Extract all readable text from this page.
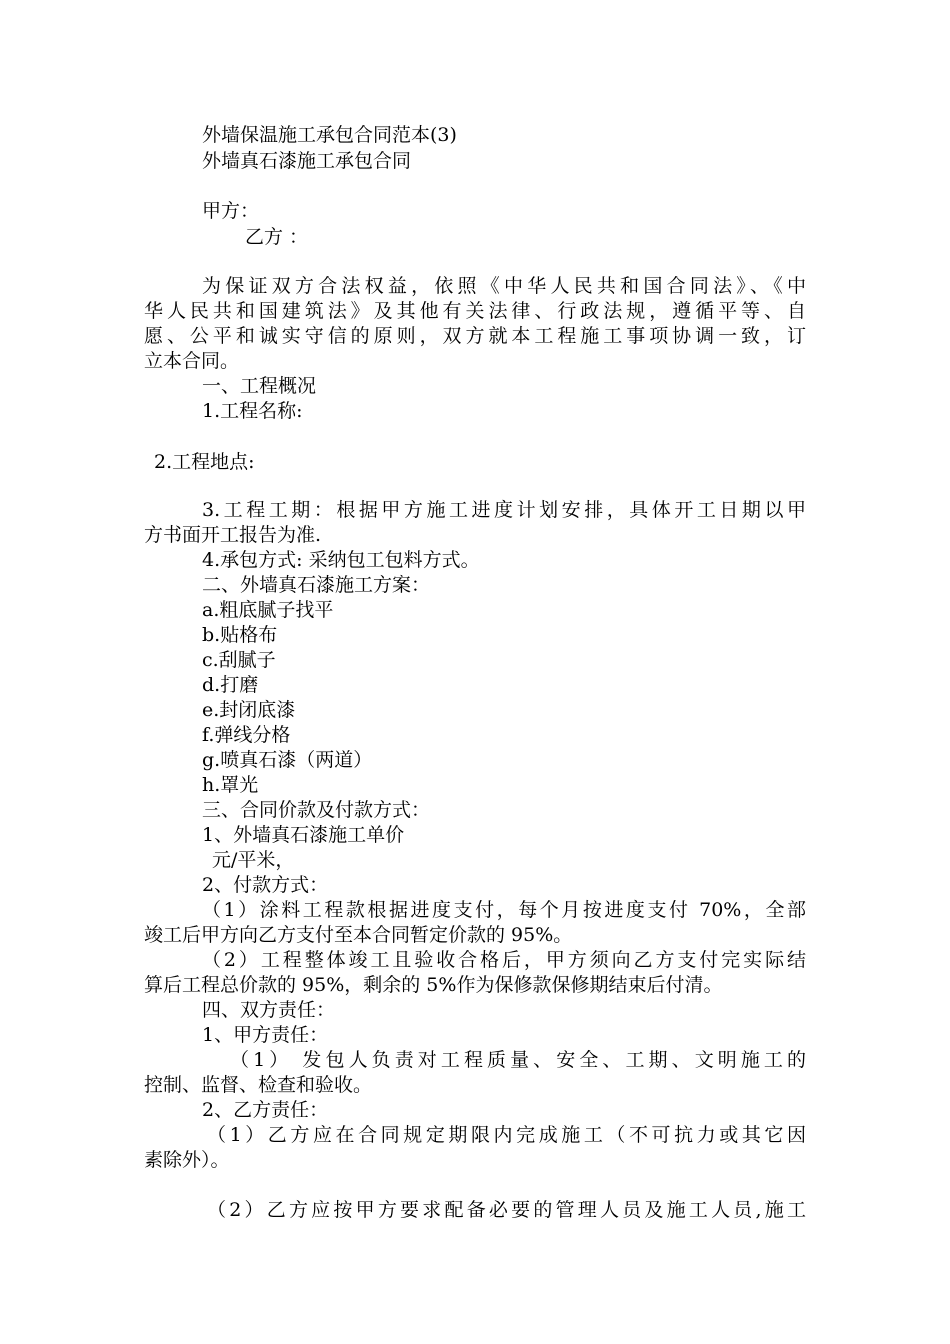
外墙保温施工承包合同范本(3)

外墙真石漆施工承包合同

甲方：

乙方 ：

为保证双方合法权益，依照《中华人民共和国合同法》、《中

华人民共和国建筑法》及其他有关法律、行政法规，遵循平等、自

愿、公平和诚实守信的原则，双方就本工程施工事项协调一致，订

立本合同。

一、工程概况

1.工程名称:

2.工程地点:

3.工程工期：根据甲方施工进度计划安排，具体开工日期以甲

方书面开工报告为准.

4.承包方式: 采纳包工包料方式。

二、外墙真石漆施工方案：

a.粗底腻子找平

b.贴格布

c.刮腻子

d.打磨

e.封闭底漆

f.弹线分格

g.喷真石漆（两道）

h.罩光

三、合同价款及付款方式：

1、外墙真石漆施工单价

元/平米，

2、付款方式：

（1）涂料工程款根据进度支付，每个月按进度支付 70%，全部

竣工后甲方向乙方支付至本合同暂定价款的 95%。

（2）工程整体竣工且验收合格后，甲方须向乙方支付完实际结

算后工程总价款的 95%，剩余的 5%作为保修款保修期结束后付清。

四、双方责任：

1、甲方责任：

（1） 发包人负责对工程质量、安全、工期、文明施工的

控制、监督、检查和验收。

2、乙方责任：

（1）乙方应在合同规定期限内完成施工（不可抗力或其它因

素除外）。

（2）乙方应按甲方要求配备必要的管理人员及施工人员,施工
